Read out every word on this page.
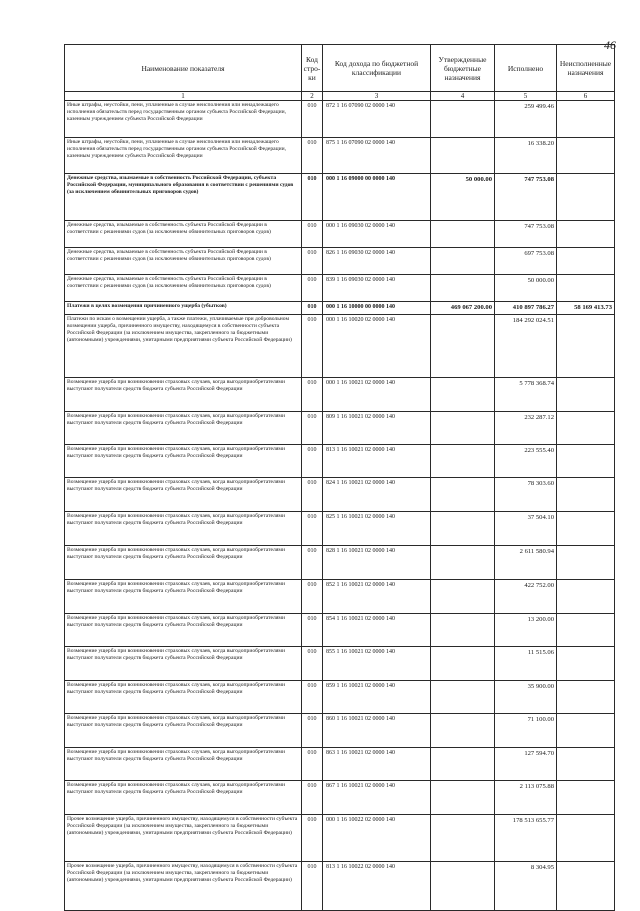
46
Наименование показателя	Код стро- ки	Код дохода по бюджетной классификации	Утвержденные бюджетные назначения	Исполнено	Неисполненные назначения
1	2	3	4	5	6
Иные штрафы, неустойки, пени, уплаченные в случае неисполнения или ненадлежащего исполнения обязательств перед государственным органом субъекта Российской Федерации, казенным учреждением субъекта Российской Федерации	010	872 1 16 07090 02 0000 140		259 499.46	
Иные штрафы, неустойки, пени, уплаченные в случае неисполнения или ненадлежащего исполнения обязательств перед государственным органом субъекта Российской Федерации, казенным учреждением субъекта Российской Федерации	010	875 1 16 07090 02 0000 140		16 338.20	
Денежные средства, изымаемые в собственность Российской Федерации, субъекта Российской Федерации, муниципального образования в соответствии с решениями судов (за исключением обвинительных приговоров судов)	010	000 1 16 09000 00 0000 140	50 000.00	747 753.08	
Денежные средства, изымаемые в собственность субъекта Российской Федерации в соответствии с решениями судов (за исключением обвинительных приговоров судов)	010	000 1 16 09030 02 0000 140		747 753.08	
Денежные средства, изымаемые в собственность субъекта Российской Федерации в соответствии с решениями судов (за исключением обвинительных приговоров судов)	010	826 1 16 09030 02 0000 140		697 753.08	
Денежные средства, изымаемые в собственность субъекта Российской Федерации в соответствии с решениями судов (за исключением обвинительных приговоров судов)	010	839 1 16 09030 02 0000 140		50 000.00	
Платежи в целях возмещения причиненного ущерба (убытков)	010	000 1 16 10000 00 0000 140	469 067 200.00	410 897 786.27	58 169 413.73
Платежи по искам о возмещении ущерба, а также платежи, уплачиваемые при добровольном возмещении ущерба, причиненного имуществу, находящемуся в собственности субъекта Российской Федерации (за исключением имущества, закрепленного за бюджетными (автономными) учреждениями, унитарными предприятиями субъекта Российской Федерации)	010	000 1 16 10020 02 0000 140		184 292 024.51	
Возмещение ущерба при возникновении страховых случаев, когда выгодоприобретателями выступают получатели средств бюджета субъекта Российской Федерации	010	000 1 16 10021 02 0000 140		5 778 368.74	
Возмещение ущерба при возникновении страховых случаев, когда выгодоприобретателями выступают получатели средств бюджета субъекта Российской Федерации	010	809 1 16 10021 02 0000 140		232 287.12	
Возмещение ущерба при возникновении страховых случаев, когда выгодоприобретателями выступают получатели средств бюджета субъекта Российской Федерации	010	813 1 16 10021 02 0000 140		223 555.40	
Возмещение ущерба при возникновении страховых случаев, когда выгодоприобретателями выступают получатели средств бюджета субъекта Российской Федерации	010	824 1 16 10021 02 0000 140		78 303.60	
Возмещение ущерба при возникновении страховых случаев, когда выгодоприобретателями выступают получатели средств бюджета субъекта Российской Федерации	010	825 1 16 10021 02 0000 140		37 504.10	
Возмещение ущерба при возникновении страховых случаев, когда выгодоприобретателями выступают получатели средств бюджета субъекта Российской Федерации	010	828 1 16 10021 02 0000 140		2 611 580.94	
Возмещение ущерба при возникновении страховых случаев, когда выгодоприобретателями выступают получатели средств бюджета субъекта Российской Федерации	010	852 1 16 10021 02 0000 140		422 752.00	
Возмещение ущерба при возникновении страховых случаев, когда выгодоприобретателями выступают получатели средств бюджета субъекта Российской Федерации	010	854 1 16 10021 02 0000 140		13 200.00	
Возмещение ущерба при возникновении страховых случаев, когда выгодоприобретателями выступают получатели средств бюджета субъекта Российской Федерации	010	855 1 16 10021 02 0000 140		11 515.06	
Возмещение ущерба при возникновении страховых случаев, когда выгодоприобретателями выступают получатели средств бюджета субъекта Российской Федерации	010	859 1 16 10021 02 0000 140		35 900.00	
Возмещение ущерба при возникновении страховых случаев, когда выгодоприобретателями выступают получатели средств бюджета субъекта Российской Федерации	010	860 1 16 10021 02 0000 140		71 100.00	
Возмещение ущерба при возникновении страховых случаев, когда выгодоприобретателями выступают получатели средств бюджета субъекта Российской Федерации	010	863 1 16 10021 02 0000 140		127 594.70	
Возмещение ущерба при возникновении страховых случаев, когда выгодоприобретателями выступают получатели средств бюджета субъекта Российской Федерации	010	867 1 16 10021 02 0000 140		2 113 075.88	
Прочее возмещение ущерба, причиненного имуществу, находящемуся в собственности субъекта Российской Федерации (за исключением имущества, закрепленного за бюджетными (автономными) учреждениями, унитарными предприятиями субъекта Российской Федерации)	010	000 1 16 10022 02 0000 140		178 513 655.77	
Прочее возмещение ущерба, причиненного имуществу, находящемуся в собственности субъекта Российской Федерации (за исключением имущества, закрепленного за бюджетными (автономными) учреждениями, унитарными предприятиями субъекта Российской Федерации)	010	813 1 16 10022 02 0000 140		8 304.95	
